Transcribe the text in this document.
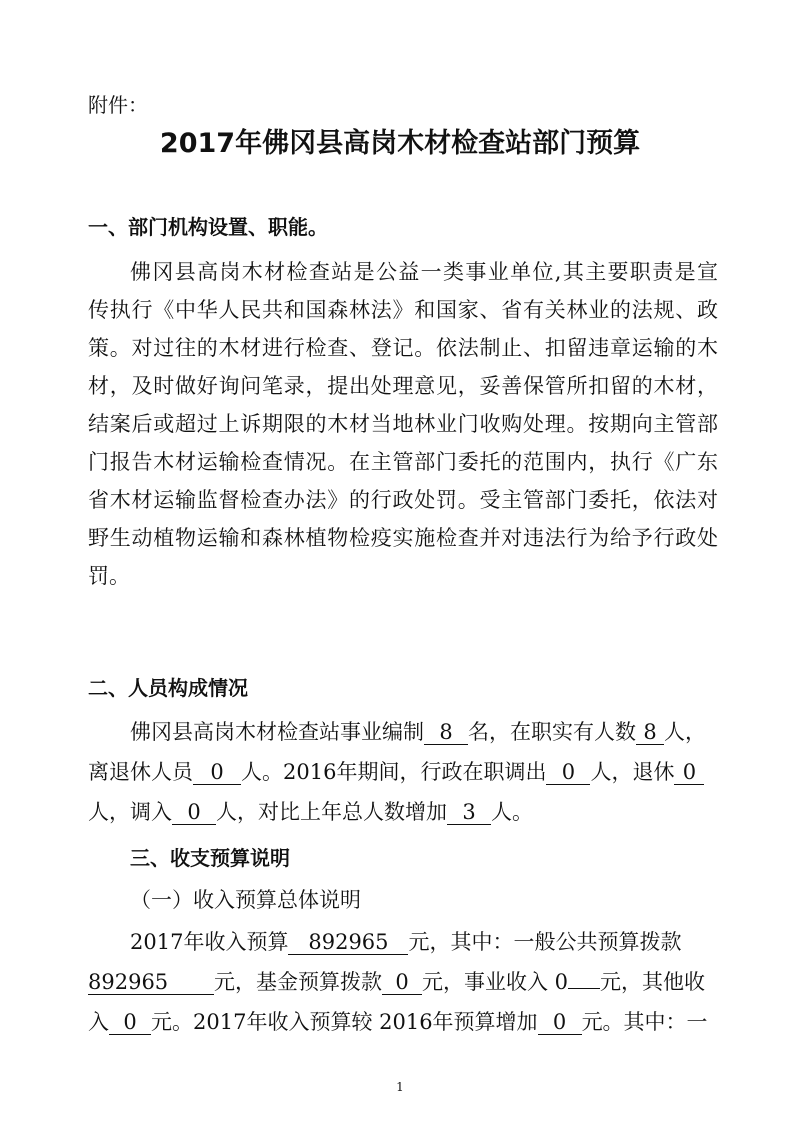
附件：
2017年佛冈县高岗木材检查站部门预算
一、部门机构设置、职能。
佛冈县高岗木材检查站是公益一类事业单位,其主要职责是宣
传执行《中华人民共和国森林法》和国家、省有关林业的法规、政
策。对过往的木材进行检查、登记。依法制止、扣留违章运输的木
材，及时做好询问笔录，提出处理意见，妥善保管所扣留的木材，
结案后或超过上诉期限的木材当地林业门收购处理。按期向主管部
门报告木材运输检查情况。在主管部门委托的范围内，执行《广东
省木材运输监督检查办法》的行政处罚。受主管部门委托，依法对
野生动植物运输和森林植物检疫实施检查并对违法行为给予行政处
罚。
二、人员构成情况
佛冈县高岗木材检查站事业编制 8 名，在职实有人数 8 人，
离退休人员 0 人。2016年期间，行政在职调出 0 人，退休 0
人，调入 0 人，对比上年总人数增加 3 人。
三、收支预算说明
（一）收入预算总体说明
2017年收入预算 892965 元，其中：一般公共预算拨款
892965 元，基金预算拨款 0 元，事业收入 0 元，其他收
入 0 元。2017年收入预算较 2016年预算增加 0 元。其中：一
1
